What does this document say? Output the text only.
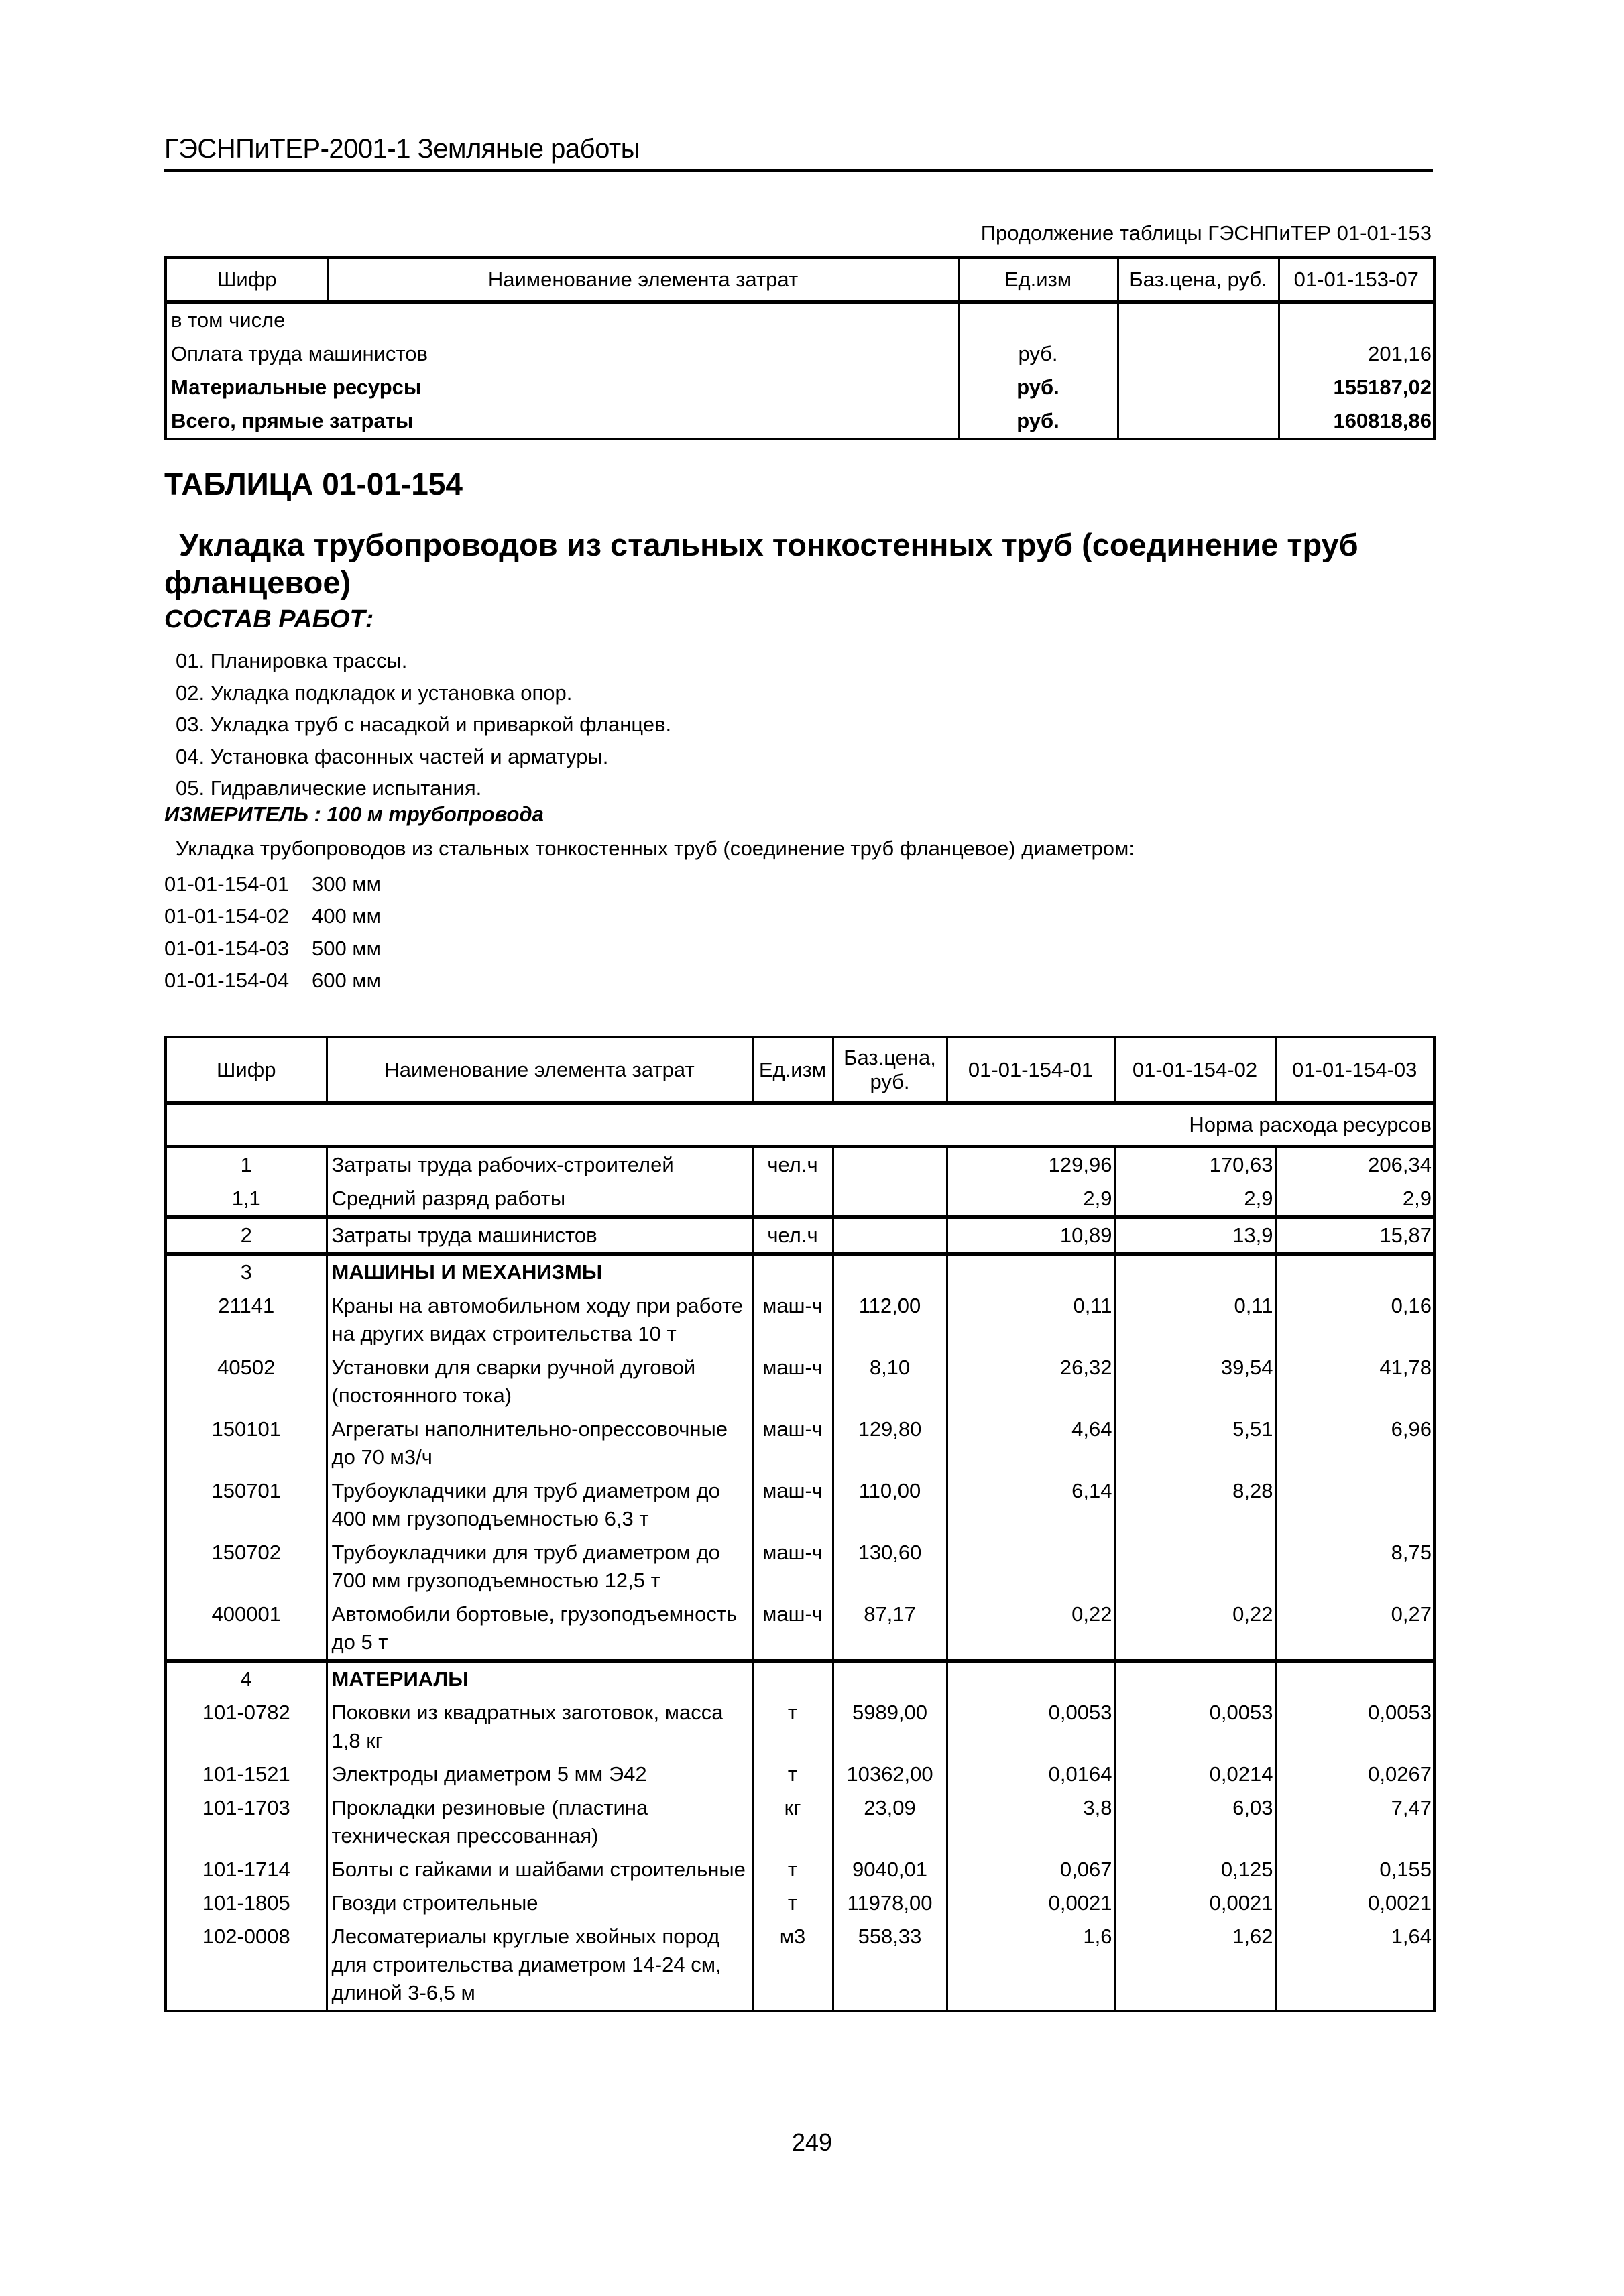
ГЭСНПиТЕР-2001-1 Земляные работы
Продолжение таблицы ГЭСНПиТЕР 01-01-153
Шифр	Наименование элемента затрат	Ед.изм	Баз.цена, руб.	01-01-153-07
в том числе				
Оплата труда машинистов		руб.		201,16
Материальные ресурсы		руб.		155187,02
Всего, прямые затраты		руб.		160818,86
ТАБЛИЦА 01-01-154
Укладка трубопроводов из стальных тонкостенных труб (соединение труб фланцевое)
СОСТАВ РАБОТ:
01. Планировка трассы.
02. Укладка подкладок и установка опор.
03. Укладка труб с насадкой и приваркой фланцев.
04. Установка фасонных частей и арматуры.
05. Гидравлические испытания.
ИЗМЕРИТЕЛЬ : 100 м трубопровода
Укладка трубопроводов из стальных тонкостенных труб (соединение труб фланцевое) диаметром:
01-01-154-01 300 мм
01-01-154-02 400 мм
01-01-154-03 500 мм
01-01-154-04 600 мм
Шифр	Наименование элемента затрат	Ед.изм	Баз.цена, руб.	01-01-154-01	01-01-154-02	01-01-154-03
Норма расхода ресурсов						
1	Затраты труда рабочих-строителей	чел.ч		129,96	170,63	206,34
1,1	Средний разряд работы			2,9	2,9	2,9
2	Затраты труда машинистов	чел.ч		10,89	13,9	15,87
3	МАШИНЫ И МЕХАНИЗМЫ					
21141	Краны на автомобильном ходу при работе на других видах строительства 10 т	маш-ч	112,00	0,11	0,11	0,16
40502	Установки для сварки ручной дуговой (постоянного тока)	маш-ч	8,10	26,32	39,54	41,78
150101	Агрегаты наполнительно-опрессовочные до 70 м3/ч	маш-ч	129,80	4,64	5,51	6,96
150701	Трубоукладчики для труб диаметром до 400 мм грузоподъемностью 6,3 т	маш-ч	110,00	6,14	8,28	
150702	Трубоукладчики для труб диаметром до 700 мм грузоподъемностью 12,5 т	маш-ч	130,60			8,75
400001	Автомобили бортовые, грузоподъемность до 5 т	маш-ч	87,17	0,22	0,22	0,27
4	МАТЕРИАЛЫ					
101-0782	Поковки из квадратных заготовок, масса 1,8 кг	т	5989,00	0,0053	0,0053	0,0053
101-1521	Электроды диаметром 5 мм Э42	т	10362,00	0,0164	0,0214	0,0267
101-1703	Прокладки резиновые (пластина техническая прессованная)	кг	23,09	3,8	6,03	7,47
101-1714	Болты с гайками и шайбами строительные	т	9040,01	0,067	0,125	0,155
101-1805	Гвозди строительные	т	11978,00	0,0021	0,0021	0,0021
102-0008	Лесоматериалы круглые хвойных пород для строительства диаметром 14-24 см, длиной 3-6,5 м	м3	558,33	1,6	1,62	1,64
249
